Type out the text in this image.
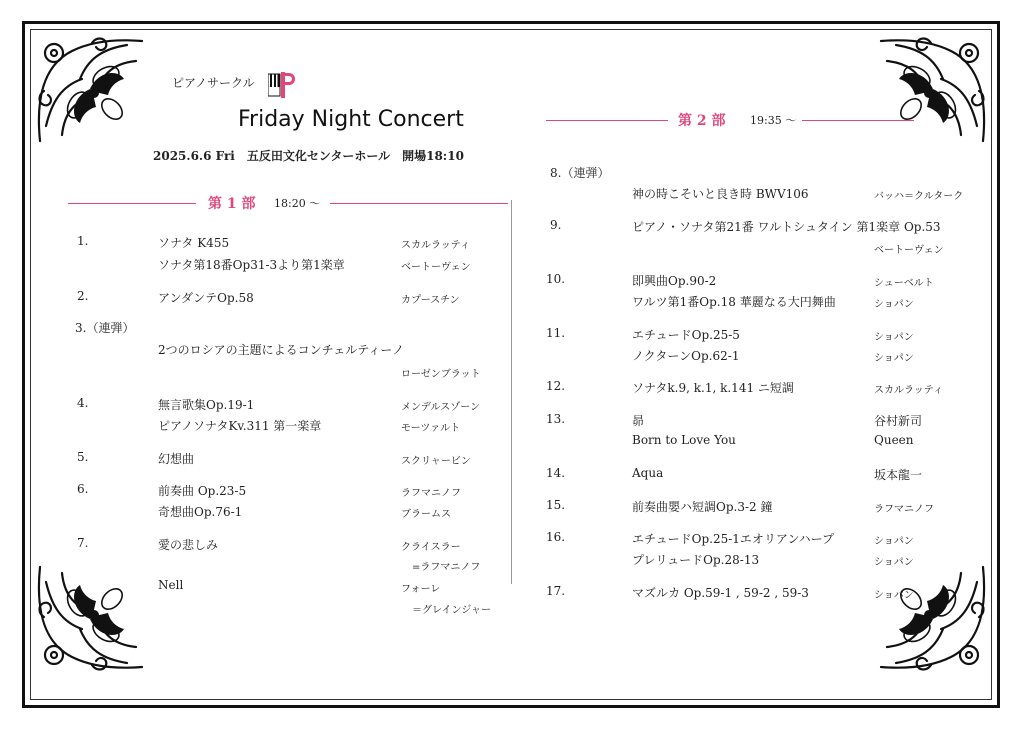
ピアノサークル
Friday Night Concert
2025.6.6 Fri　五反田文化センターホール　開場18:10
第 1 部 18:20 ～
第 2 部 19:35 ～
1.	ソナタ K455	スカルラッティ
ソナタ第18番Op31-3より第1楽章	ベートーヴェン
2.	アンダンテOp.58	カプースチン
3.（連弾）
2つのロシアの主題によるコンチェルティーノ
ローゼンブラット
4.	無言歌集Op.19-1	メンデルスゾーン
ピアノソナタKv.311 第一楽章	モーツァルト
5.	幻想曲	スクリャービン
6.	前奏曲 Op.23-5	ラフマニノフ
奇想曲Op.76-1	ブラームス
7.	愛の悲しみ	クライスラー
=ラフマニノフ
Nell	フォーレ
＝グレインジャー
8.（連弾）
神の時こそいと良き時 BWV106	バッハ＝クルターク
9.	ピアノ・ソナタ第21番 ワルトシュタイン 第1楽章 Op.53
ベートーヴェン
10.	即興曲Op.90-2	シューベルト
ワルツ第1番Op.18 華麗なる大円舞曲	ショパン
11.	エチュードOp.25-5	ショパン
ノクターンOp.62-1	ショパン
12.	ソナタk.9, k.1, k.141 ニ短調	スカルラッティ
13.	昴	谷村新司
Born to Love You	Queen
14.	Aqua	坂本龍一
15.	前奏曲嬰ハ短調Op.3-2 鐘	ラフマニノフ
16.	エチュードOp.25-1エオリアンハープ	ショパン
プレリュードOp.28-13	ショパン
17.	マズルカ Op.59-1 , 59-2 , 59-3	ショパン
